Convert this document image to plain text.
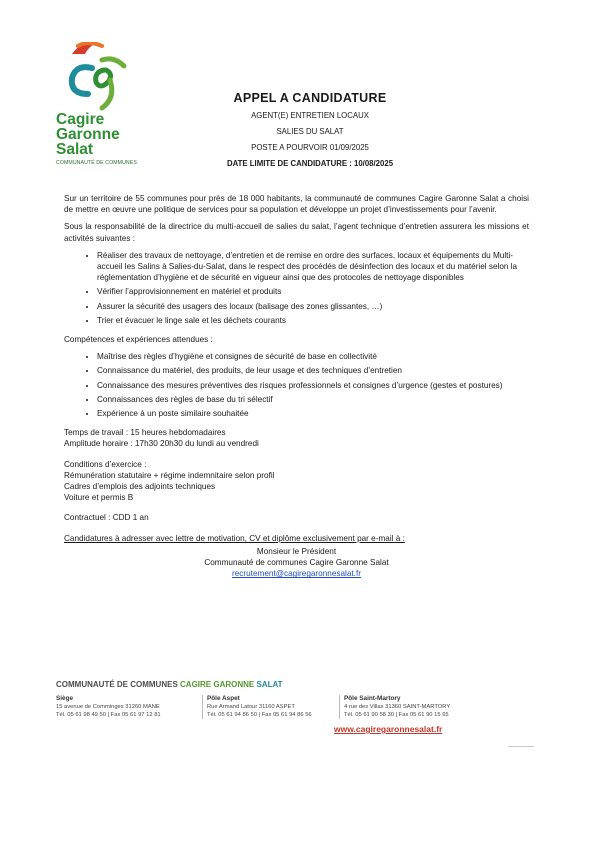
Cagire
Garonne
Salat
COMMUNAUTÉ DE COMMUNES

APPEL A CANDIDATURE

AGENT(E) ENTRETIEN LOCAUX

SALIES DU SALAT

POSTE A POURVOIR 01/09/2025

DATE LIMITE DE CANDIDATURE : 10/08/2025

Sur un territoire de 55 communes pour près de 18 000 habitants, la communauté de communes Cagire Garonne Salat a choisi de mettre en œuvre une politique de services pour sa population et développe un projet d’investissements pour l’avenir.

Sous la responsabilité de la directrice du multi-accueil de salies du salat, l’agent technique d’entretien assurera les missions et activités suivantes :

• Réaliser des travaux de nettoyage, d’entretien et de remise en ordre des surfaces, locaux et équipements du Multi-accueil les Salins à Salies-du-Salat, dans le respect des procédés de désinfection des locaux et du matériel selon la réglementation d’hygiène et de sécurité en vigueur ainsi que des protocoles de nettoyage disponibles
• Vérifier l’approvisionnement en matériel et produits
• Assurer la sécurité des usagers des locaux (balisage des zones glissantes, …)
• Trier et évacuer le linge sale et les déchets courants

Compétences et expériences attendues :

• Maîtrise des règles d’hygiène et consignes de sécurité de base en collectivité
• Connaissance du matériel, des produits, de leur usage et des techniques d’entretien
• Connaissance des mesures préventives des risques professionnels et consignes d’urgence (gestes et postures)
• Connaissances des règles de base du tri sélectif
• Expérience à un poste similaire souhaitée

Temps de travail : 15 heures hebdomadaires

Amplitude horaire : 17h30 20h30 du lundi au vendredi

Conditions d’exercice :

Rémunération statutaire + régime indemnitaire selon profil

Cadres d’emplois des adjoints techniques

Voiture et permis B

Contractuel : CDD 1 an

Candidatures à adresser avec lettre de motivation, CV et diplôme exclusivement par e-mail à :

Monsieur le Président

Communauté de communes Cagire Garonne Salat

recrutement@cagiregaronnesalat.fr

COMMUNAUTÉ DE COMMUNES CAGIRE GARONNE SALAT

Siège
15 avenue de Comminges 31260 MANE
Tél. 05 61 98 49 50 | Fax 05 61 97 12 81
Pôle Aspet
Rue Armand Latour 31160 ASPET
Tél. 05 61 94 86 50 | Fax 05 61 94 86 56
Pôle Saint-Martory
4 rue des Villas 31360 SAINT-MARTORY
Tél. 05 61 90 58 30 | Fax 05 61 90 15 65
www.cagiregaronnesalat.fr
